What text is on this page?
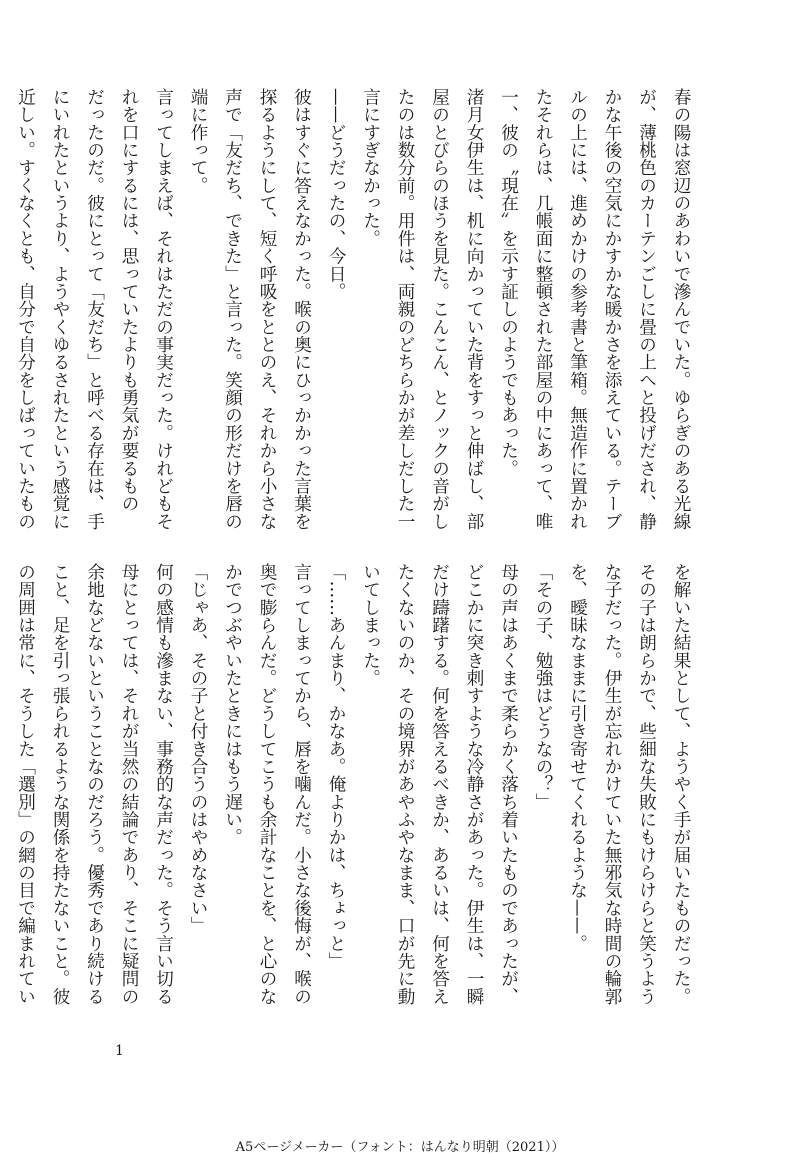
春の陽は窓辺のあわいで滲んでいた。ゆらぎのある光線
が、薄桃色のカーテンごしに畳の上へと投げだされ、静
かな午後の空気にかすかな暖かさを添えている。テーブ
ルの上には、進めかけの参考書と筆箱。無造作に置かれ
たそれらは、几帳面に整頓された部屋の中にあって、唯
一、彼の〝現在〟を示す証しのようでもあった。
渚月女伊生は、机に向かっていた背をすっと伸ばし、部
屋のとびらのほうを見た。こんこん、とノックの音がし
たのは数分前。用件は、両親のどちらかが差しだした一
言にすぎなかった。
——どうだったの、今日。
彼はすぐに答えなかった。喉の奥にひっかかった言葉を
探るようにして、短く呼吸をととのえ、それから小さな
声で「友だち、できた」と言った。笑顔の形だけを唇の
端に作って。
言ってしまえば、それはただの事実だった。けれどもそ
れを口にするには、思っていたよりも勇気が要るもの
だったのだ。彼にとって「友だち」と呼べる存在は、手
にいれたというより、ようやくゆるされたという感覚に
近しい。すくなくとも、自分で自分をしばっていたもの
を解いた結果として、ようやく手が届いたものだった。
その子は朗らかで、些細な失敗にもけらけらと笑うよう
な子だった。伊生が忘れかけていた無邪気な時間の輪郭
を、曖昧なままに引き寄せてくれるような——。
「その子、勉強はどうなの？」
母の声はあくまで柔らかく落ち着いたものであったが、
どこかに突き刺すような冷静さがあった。伊生は、一瞬
だけ躊躇する。何を答えるべきか、あるいは、何を答え
たくないのか、その境界があやふやなまま、口が先に動
いてしまった。
「……あんまり、かなあ。俺よりかは、ちょっと」
言ってしまってから、唇を噛んだ。小さな後悔が、喉の
奥で膨らんだ。どうしてこうも余計なことを、と心のな
かでつぶやいたときにはもう遅い。
「じゃあ、その子と付き合うのはやめなさい」
何の感情も滲まない、事務的な声だった。そう言い切る
母にとっては、それが当然の結論であり、そこに疑問の
余地などないということなのだろう。優秀であり続ける
こと、足を引っ張られるような関係を持たないこと。彼
の周囲は常に、そうした「選別」の網の目で編まれてい
1
A5ページメーカー（フォント：はんなり明朝（2021））
